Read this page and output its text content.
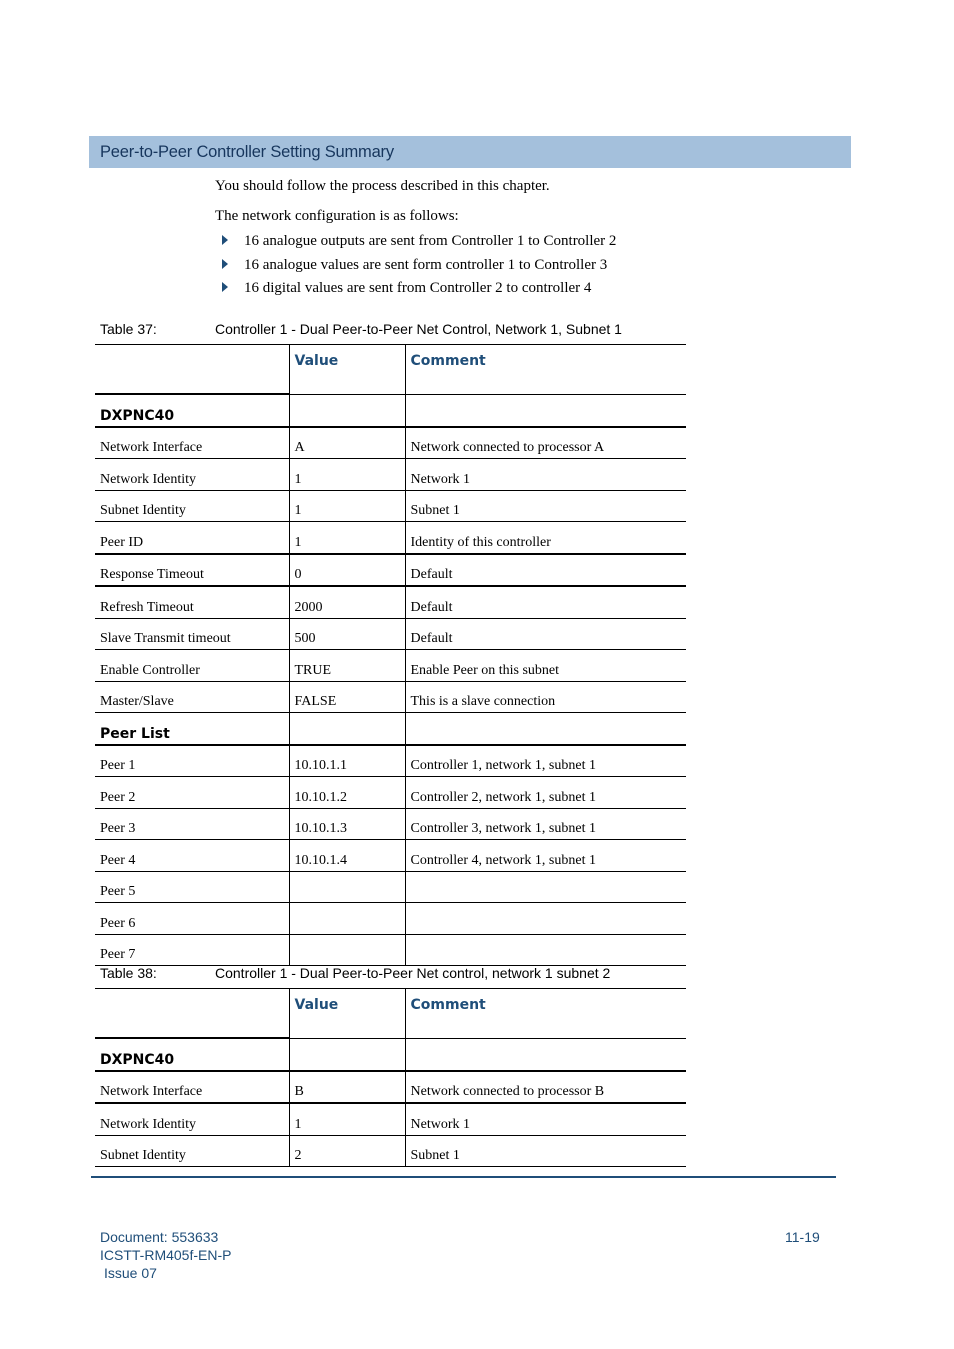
Peer-to-Peer Controller Setting Summary
You should follow the process described in this chapter.
The network configuration is as follows:
16 analogue outputs are sent from Controller 1 to Controller 2
16 analogue values are sent form controller 1 to Controller 3
16 digital values are sent from Controller 2 to controller 4
Table 37:	Controller 1 - Dual Peer-to-Peer Net Control, Network 1, Subnet 1
	Value	Comment
DXPNC40		
Network Interface	A	Network connected to processor A
Network Identity	1	Network 1
Subnet Identity	1	Subnet 1
Peer ID	1	Identity of this controller
Response Timeout	0	Default
Refresh Timeout	2000	Default
Slave Transmit timeout	500	Default
Enable Controller	TRUE	Enable Peer on this subnet
Master/Slave	FALSE	This is a slave connection
Peer List		
Peer 1	10.10.1.1	Controller 1, network 1, subnet 1
Peer 2	10.10.1.2	Controller 2, network 1, subnet 1
Peer 3	10.10.1.3	Controller 3, network 1, subnet 1
Peer 4	10.10.1.4	Controller 4, network 1, subnet 1
Peer 5		
Peer 6		
Peer 7		
Table 38:	Controller 1 - Dual Peer-to-Peer Net control, network 1 subnet 2
	Value	Comment
DXPNC40		
Network Interface	B	Network connected to processor B
Network Identity	1	Network 1
Subnet Identity	2	Subnet 1
Document: 553633
ICSTT-RM405f-EN-P
Issue 07
11-19
